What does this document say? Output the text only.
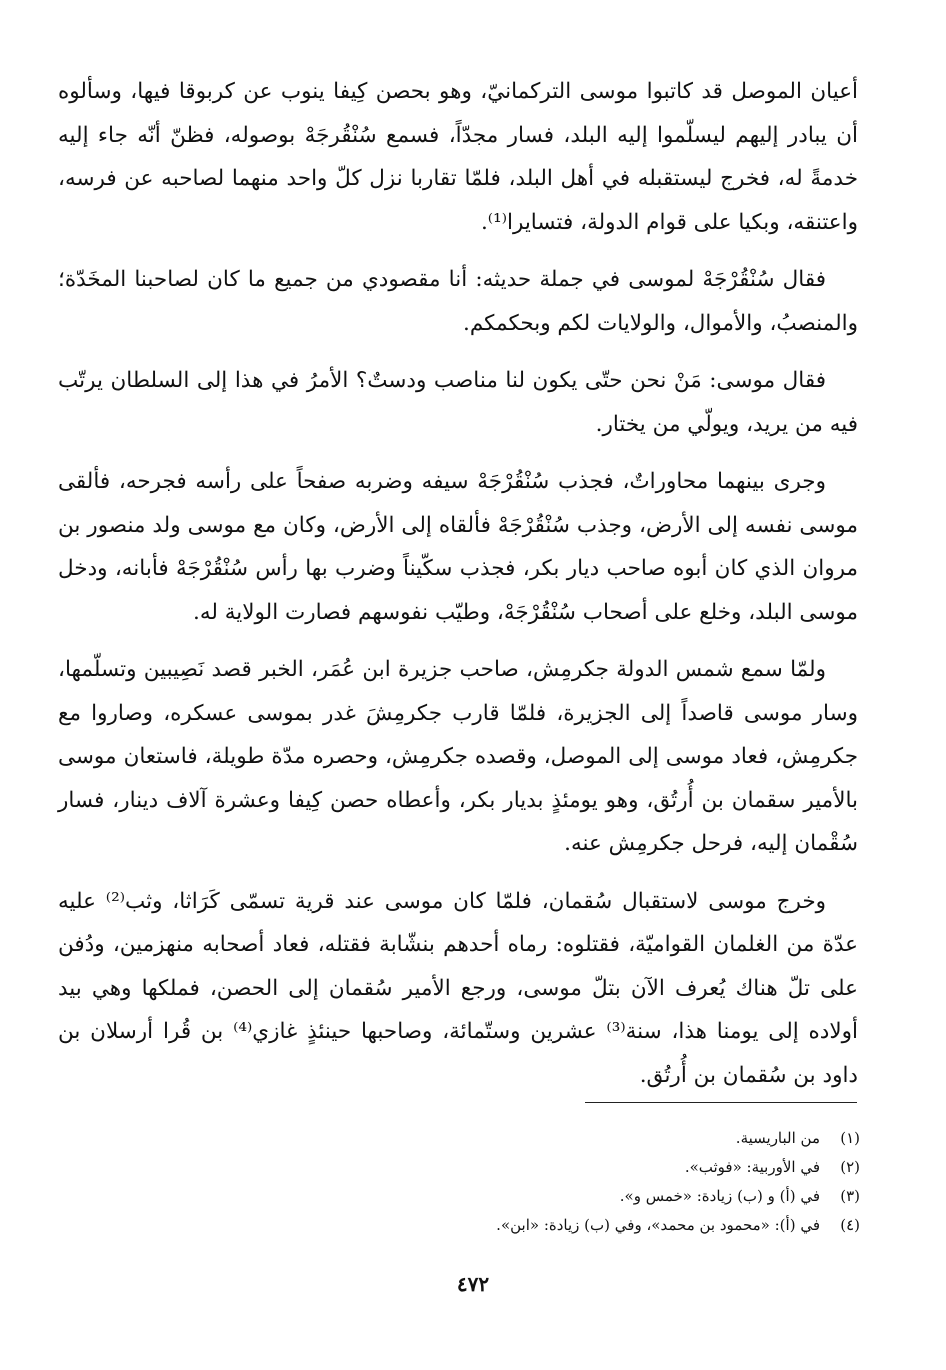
أعيان الموصل قد كاتبوا موسى التركمانيّ، وهو بحصن كِيفا ينوب عن كربوقا فيها، وسألوه أن يبادر إليهم ليسلّموا إليه البلد، فسار مجدّاً، فسمع سُنْقُرجَهْ بوصوله، فظنّ أنّه جاء إليه خدمةً له، فخرج ليستقبله في أهل البلد، فلمّا تقاربا نزل كلّ واحد منهما لصاحبه عن فرسه، واعتنقه، وبكيا على قوام الدولة، فتسايرا⁽¹⁾.

فقال سُنْقُرْجَهْ لموسى في جملة حديثه: أنا مقصودي من جميع ما كان لصاحبنا المخَدّة؛ والمنصبُ، والأموال، والولايات لكم وبحكمكم.

فقال موسى: مَنْ نحن حتّى يكون لنا مناصب ودستٌ؟ الأمرُ في هذا إلى السلطان يرتّب فيه من يريد، ويولّي من يختار.

وجرى بينهما محاوراتٌ، فجذب سُنْقُرْجَهْ سيفه وضربه صفحاً على رأسه فجرحه، فألقى موسى نفسه إلى الأرض، وجذب سُنْقُرْجَهْ فألقاه إلى الأرض، وكان مع موسى ولد منصور بن مروان الذي كان أبوه صاحب ديار بكر، فجذب سكّيناً وضرب بها رأس سُنْقُرْجَهْ فأبانه، ودخل موسى البلد، وخلع على أصحاب سُنْقُرْجَهْ، وطيّب نفوسهم فصارت الولاية له.

ولمّا سمع شمس الدولة جكرمِش، صاحب جزيرة ابن عُمَر، الخبر قصد نَصِيبين وتسلّمها، وسار موسى قاصداً إلى الجزيرة، فلمّا قارب جكرمِشَ غدر بموسى عسكره، وصاروا مع جكرمِش، فعاد موسى إلى الموصل، وقصده جكرمِش، وحصره مدّة طويلة، فاستعان موسى بالأمير سقمان بن أُرتُق، وهو يومئذٍ بديار بكر، وأعطاه حصن كِيفا وعشرة آلاف دينار، فسار سُقْمان إليه، فرحل جكرمِش عنه.

وخرج موسى لاستقبال سُقمان، فلمّا كان موسى عند قرية تسمّى كَرَاثا، وثب⁽²⁾ عليه عدّة من الغلمان القواميّة، فقتلوه: رماه أحدهم بنشّابة فقتله، فعاد أصحابه منهزمين، ودُفن على تلّ هناك يُعرف الآن بتلّ موسى، ورجع الأمير سُقمان إلى الحصن، فملكها وهي بيد أولاده إلى يومنا هذا، سنة⁽³⁾ عشرين وستّمائة، وصاحبها حينئذٍ غازي⁽⁴⁾ بن قُرا أرسلان بن داود بن سُقمان بن أُرتُق.

(١)من الباريسية.

(٢)في الأوربية: «فوثب».

(٣)في (أ) و (ب) زيادة: «خمس و».

(٤)في (أ): «محمود بن محمد»، وفي (ب) زيادة: «ابن».

٤٧٢
